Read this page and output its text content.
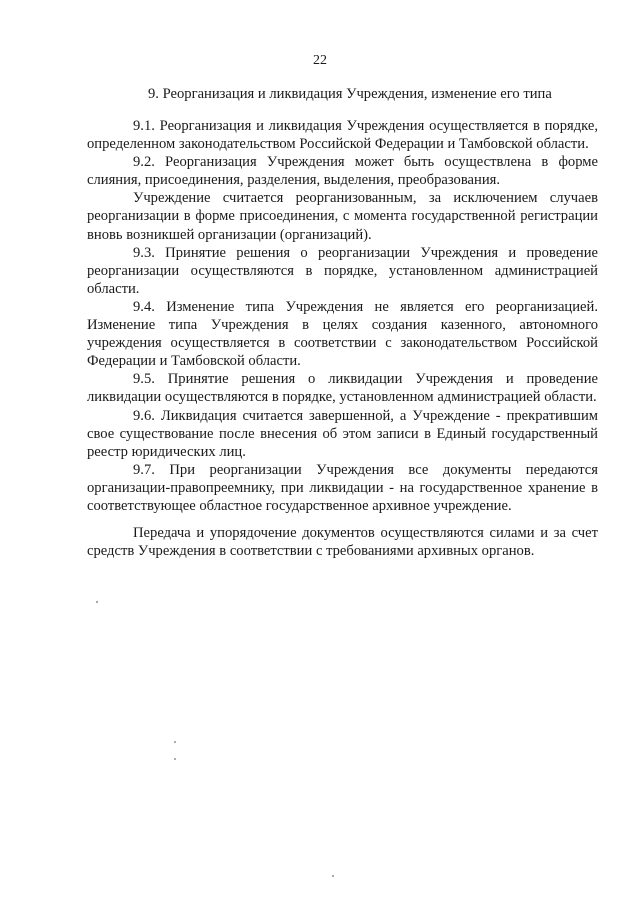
22
9. Реорганизация и ликвидация Учреждения, изменение его типа

9.1. Реорганизация и ликвидация Учреждения осуществляется в порядке, определенном законодательством Российской Федерации и Тамбовской области.

9.2. Реорганизация Учреждения может быть осуществлена в форме слияния, присоединения, разделения, выделения, преобразования.

Учреждение считается реорганизованным, за исключением случаев реорганизации в форме присоединения, с момента государственной регистрации вновь возникшей организации (организаций).

9.3. Принятие решения о реорганизации Учреждения и проведение реорганизации осуществляются в порядке, установленном администрацией области.

9.4. Изменение типа Учреждения не является его реорганизацией. Изменение типа Учреждения в целях создания казенного, автономного учреждения осуществляется в соответствии с законодательством Российской Федерации и Тамбовской области.

9.5. Принятие решения о ликвидации Учреждения и проведение ликвидации осуществляются в порядке, установленном администрацией области.

9.6. Ликвидация считается завершенной, а Учреждение - прекратившим свое существование после внесения об этом записи в Единый государственный реестр юридических лиц.

9.7. При реорганизации Учреждения все документы передаются организации-правопреемнику, при ликвидации - на государственное хранение в соответствующее областное государственное архивное учреждение.

Передача и упорядочение документов осуществляются силами и за счет средств Учреждения в соответствии с требованиями архивных органов.
